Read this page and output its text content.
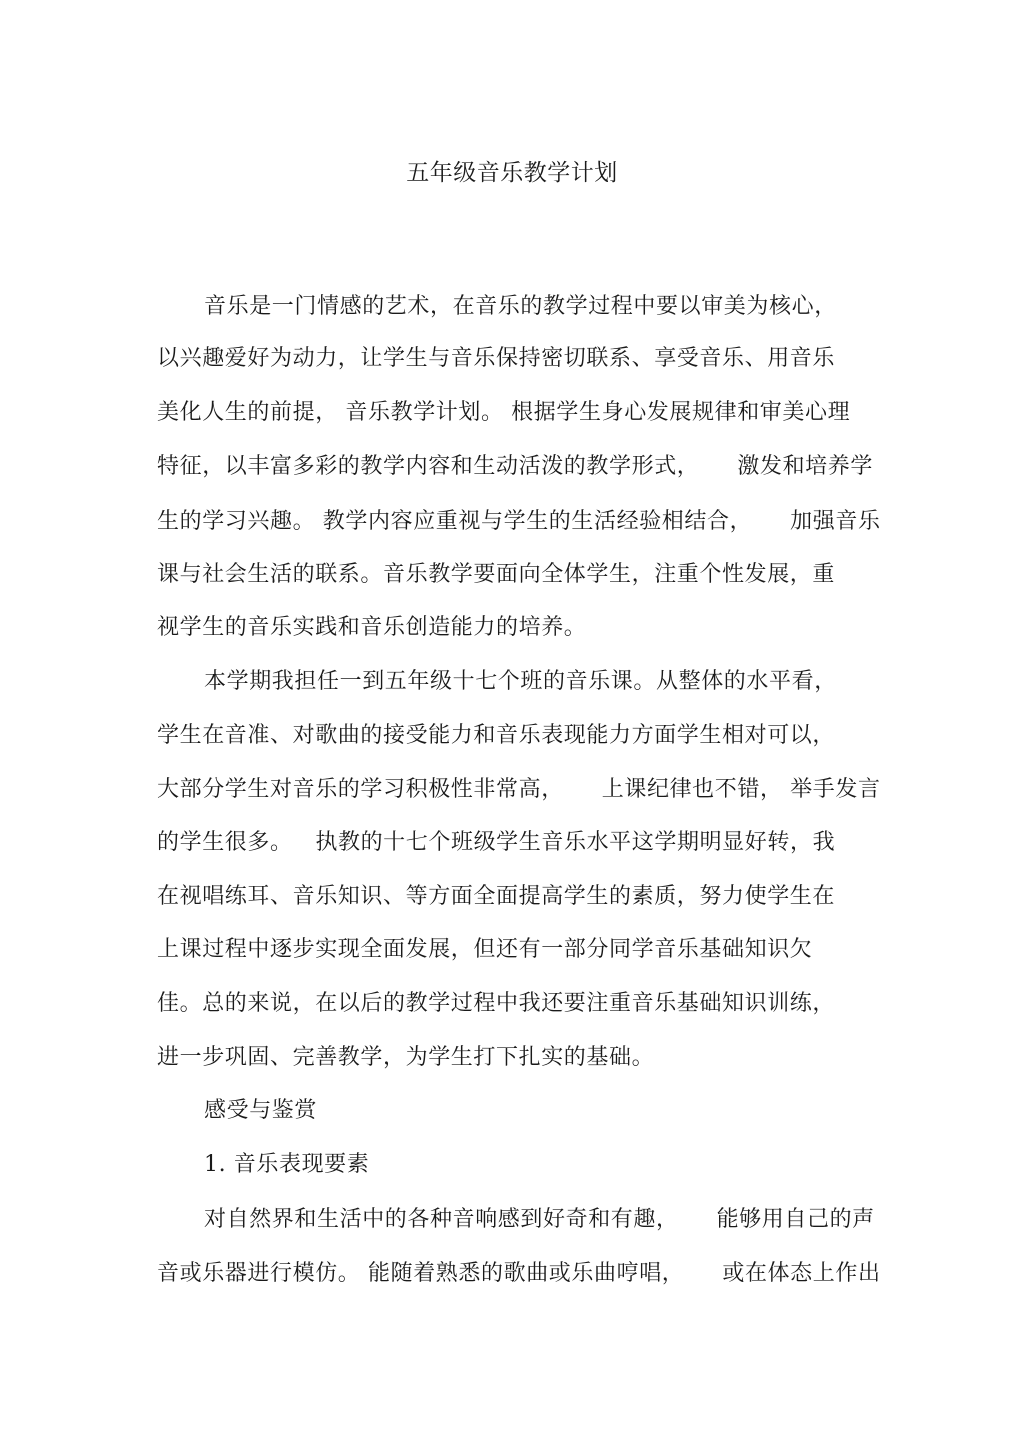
五年级音乐教学计划
音乐是一门情感的艺术，在音乐的教学过程中要以审美为核心，
以兴趣爱好为动力，让学生与音乐保持密切联系、享受音乐、用音乐
美化人生的前提， 音乐教学计划。 根据学生身心发展规律和审美心理
特征，以丰富多彩的教学内容和生动活泼的教学形式，     激发和培养学
生的学习兴趣。 教学内容应重视与学生的生活经验相结合，     加强音乐
课与社会生活的联系。音乐教学要面向全体学生，注重个性发展，重
视学生的音乐实践和音乐创造能力的培养。
本学期我担任一到五年级十七个班的音乐课。从整体的水平看，
学生在音准、对歌曲的接受能力和音乐表现能力方面学生相对可以，
大部分学生对音乐的学习积极性非常高，     上课纪律也不错， 举手发言
的学生很多。   执教的十七个班级学生音乐水平这学期明显好转，我
在视唱练耳、音乐知识、等方面全面提高学生的素质，努力使学生在
上课过程中逐步实现全面发展，但还有一部分同学音乐基础知识欠
佳。总的来说，在以后的教学过程中我还要注重音乐基础知识训练，
进一步巩固、完善教学，为学生打下扎实的基础。
感受与鉴赏
1. 音乐表现要素
对自然界和生活中的各种音响感到好奇和有趣，     能够用自己的声
音或乐器进行模仿。 能随着熟悉的歌曲或乐曲哼唱，     或在体态上作出
